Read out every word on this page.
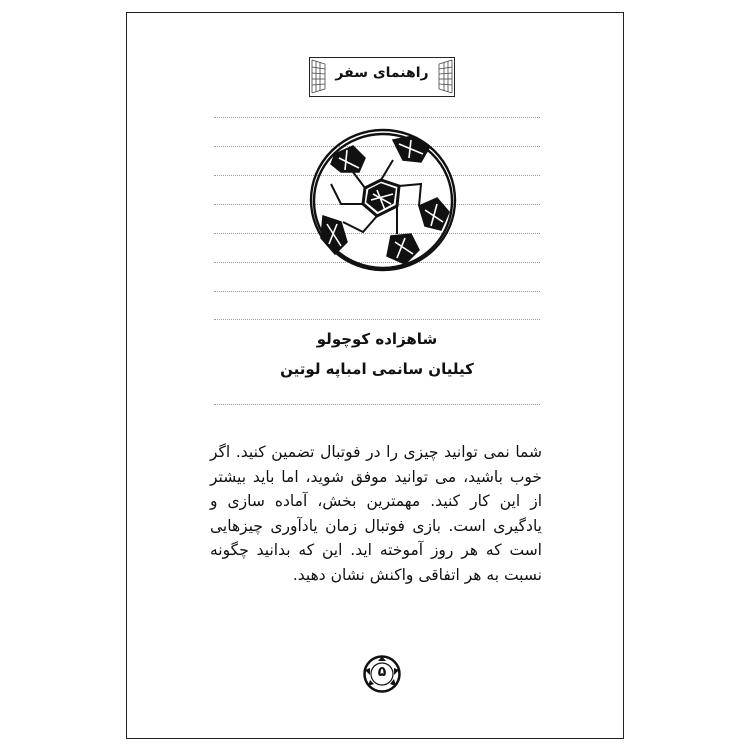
راهنمای سفر
شاهزاده کوچولو
کیلیان سانمی امباپه لوتین

شما نمی توانید چیزی را در فوتبال تضمین کنید. اگر خوب باشید، می توانید موفق شوید، اما باید بیشتر از این کار کنید. مهمترین بخش، آماده سازی و یادگیری است. بازی فوتبال زمان یادآوری چیزهایی است که هر روز آموخته اید. این که بدانید چگونه نسبت به هر اتفاقی واکنش نشان دهید.

۵
